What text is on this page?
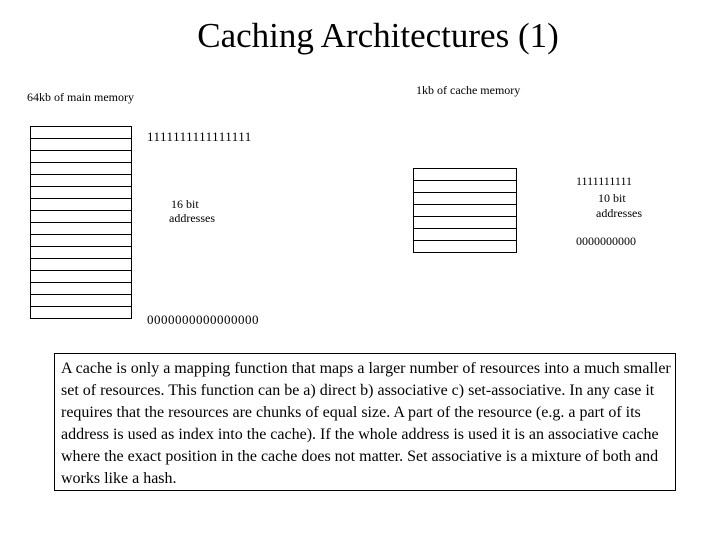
Caching Architectures (1)
64kb of main memory
1111111111111111
16 bit
addresses
0000000000000000
1kb of cache memory
1111111111
10 bit
addresses
0000000000
A cache is only a mapping function that maps a larger number of resources into a much smaller set of resources. This function can be a) direct b) associative c) set-associative. In any case it requires that the resources are chunks of equal size. A part of the resource (e.g. a part of its address is used as index into the cache). If the whole address is used it is an associative cache where the exact position in the cache does not matter. Set associative is a mixture of both and works like a hash.
